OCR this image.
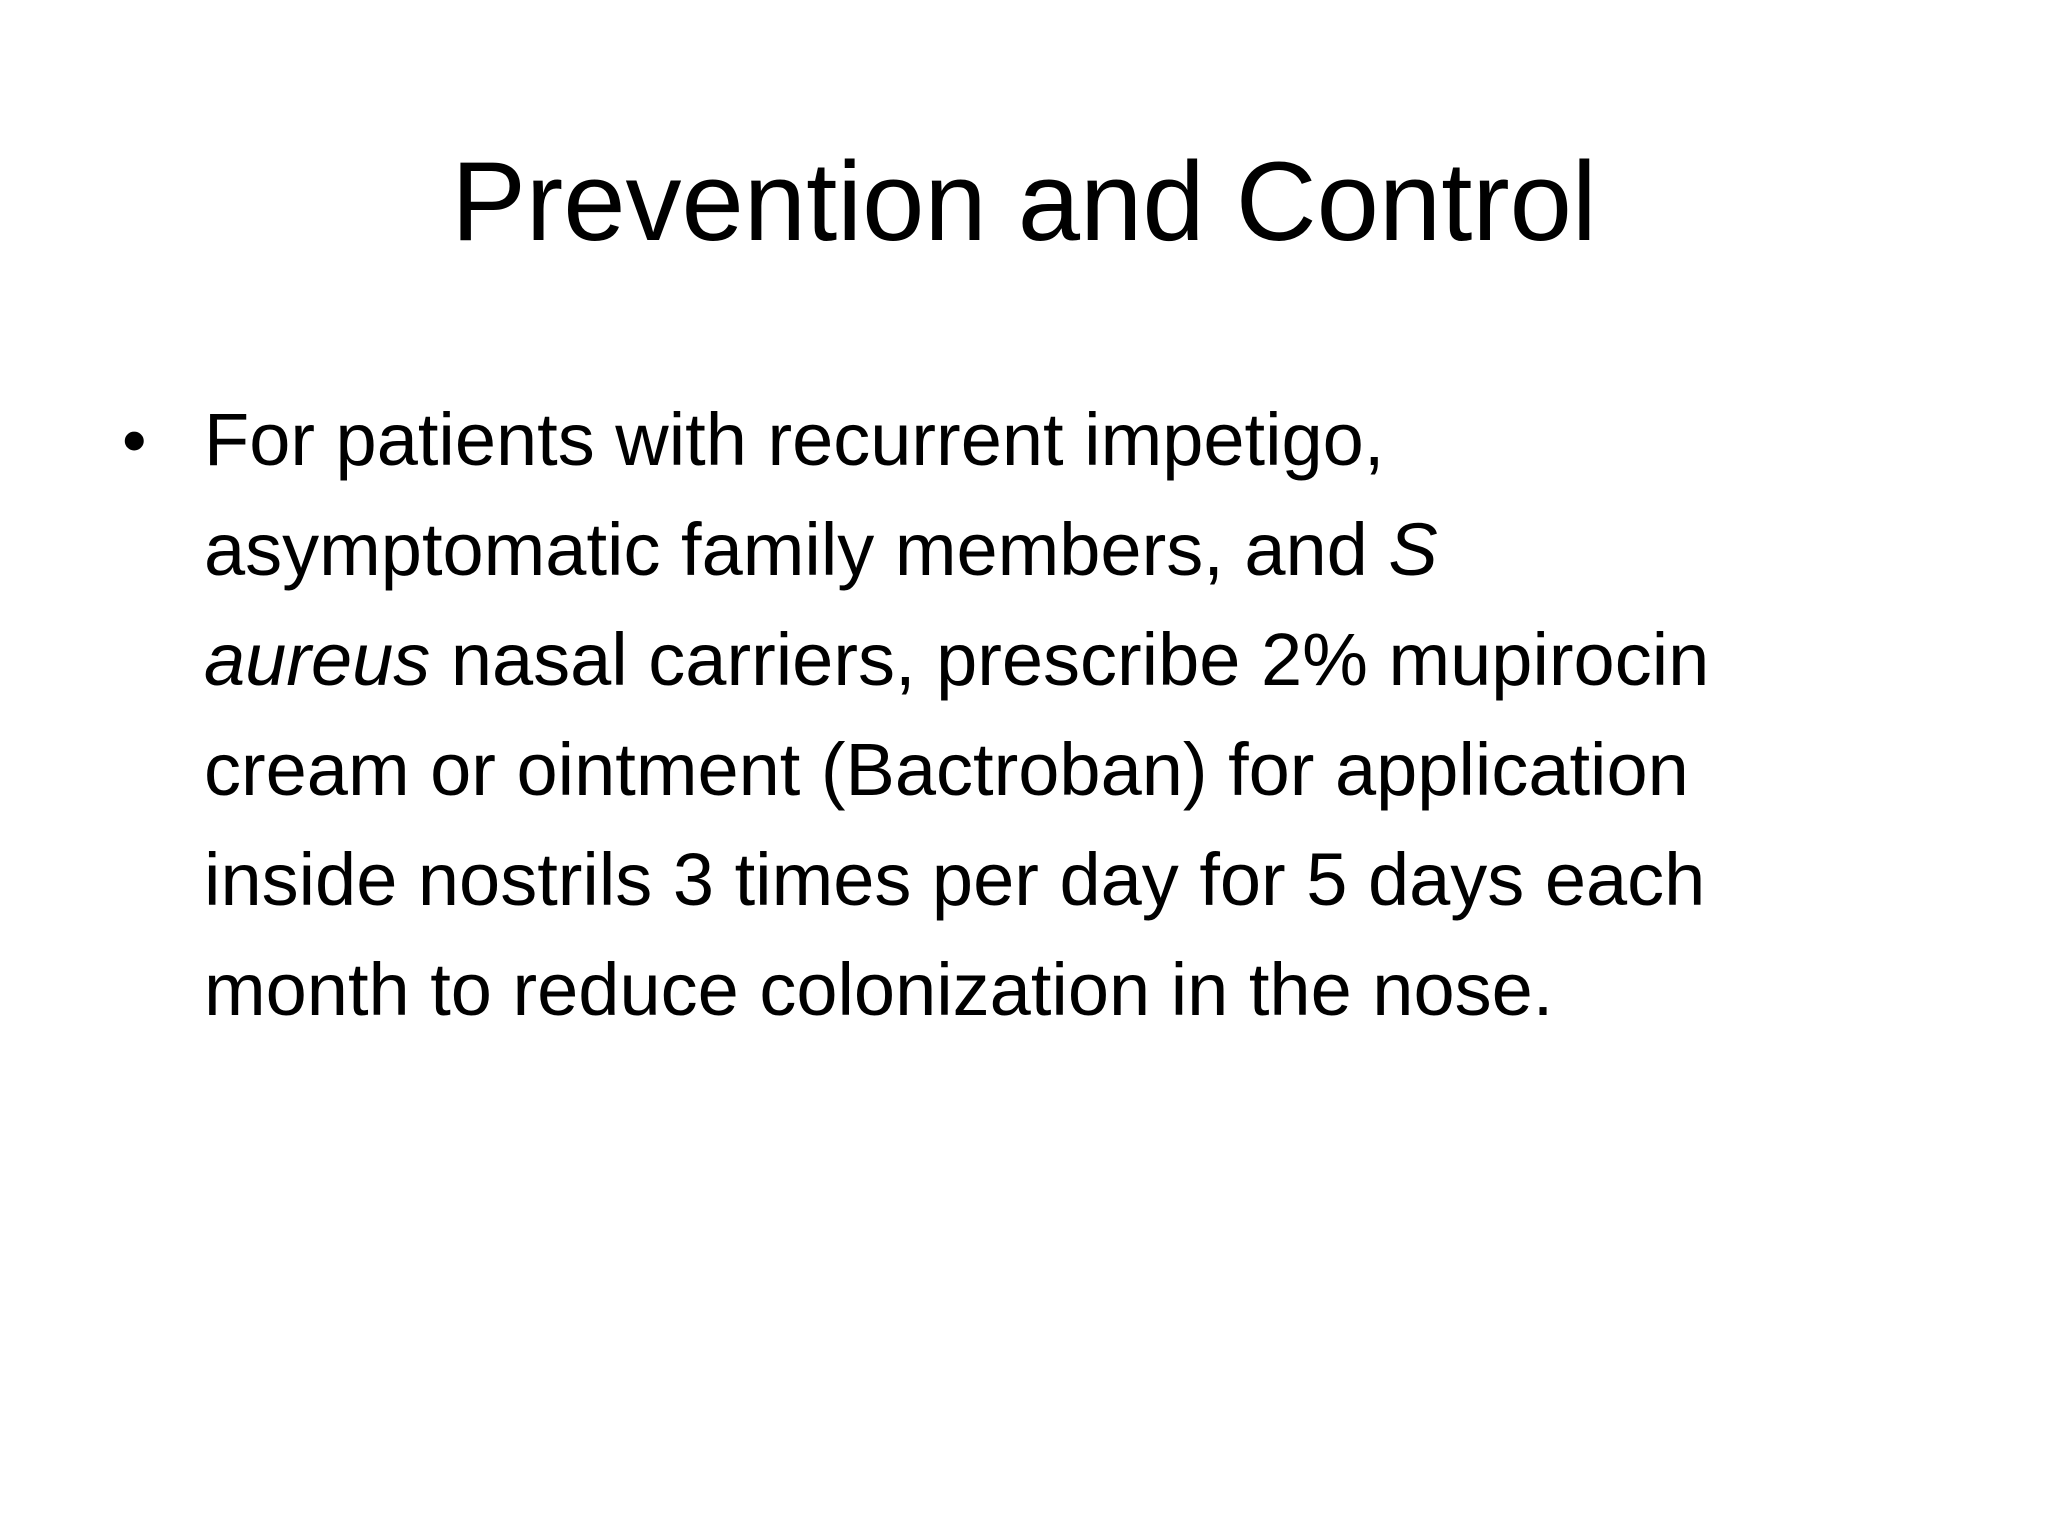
Prevention and Control
• For patients with recurrent impetigo,
asymptomatic family members, and S
aureus nasal carriers, prescribe 2% mupirocin
cream or ointment (Bactroban) for application
inside nostrils 3 times per day for 5 days each
month to reduce colonization in the nose.
